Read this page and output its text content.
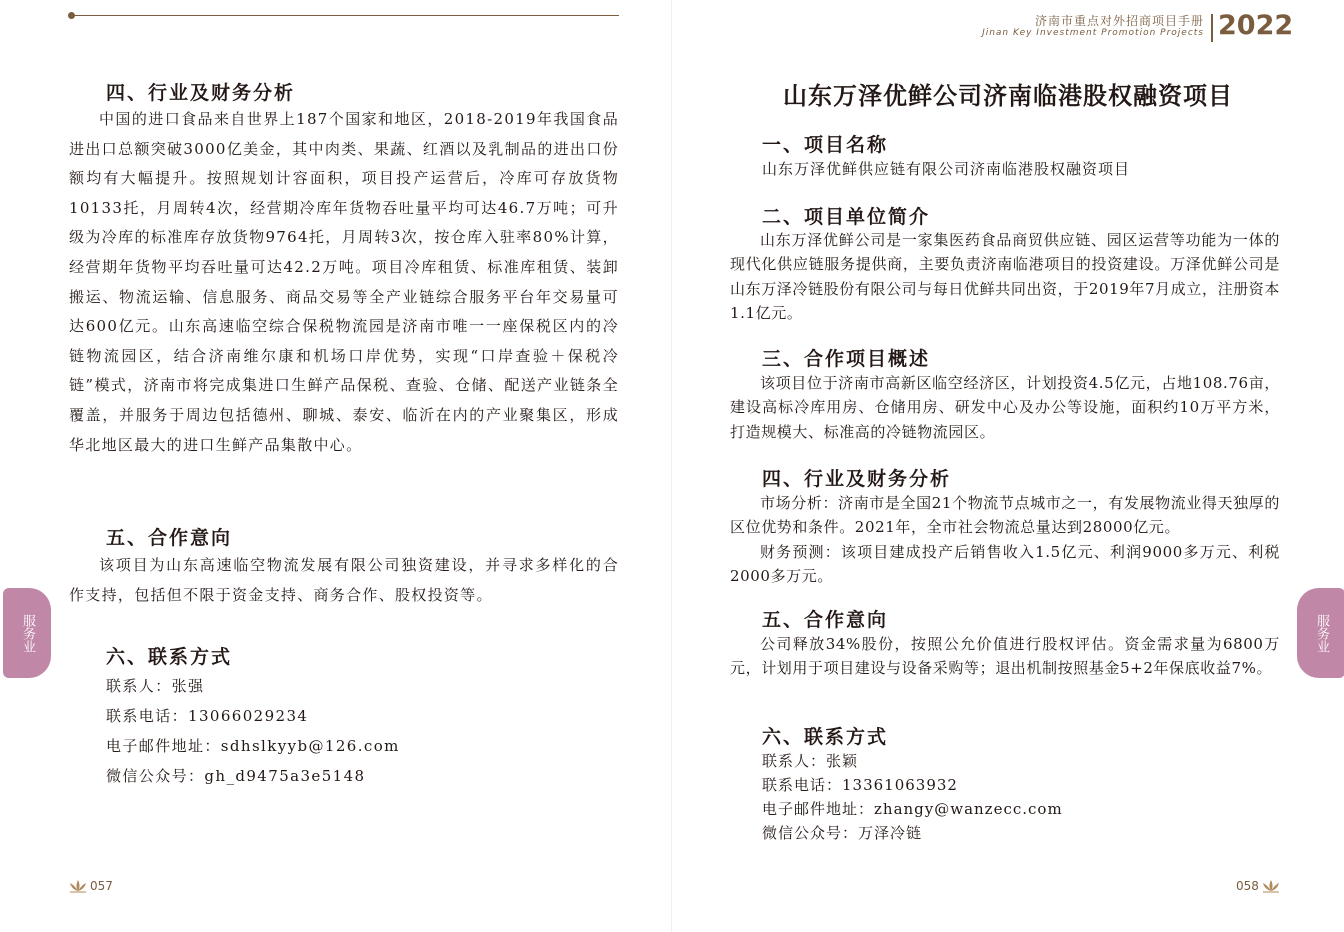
四、行业及财务分析

中国的进口食品来自世界上187个国家和地区，2018-2019年我国食品进出口总额突破3000亿美金，其中肉类、果蔬、红酒以及乳制品的进出口份额均有大幅提升。按照规划计容面积，项目投产运营后，冷库可存放货物10133托，月周转4次，经营期冷库年货物吞吐量平均可达46.7万吨；可升级为冷库的标准库存放货物9764托，月周转3次，按仓库入驻率80%计算，经营期年货物平均吞吐量可达42.2万吨。项目冷库租赁、标准库租赁、装卸搬运、物流运输、信息服务、商品交易等全产业链综合服务平台年交易量可达600亿元。山东高速临空综合保税物流园是济南市唯一一座保税区内的冷链物流园区，结合济南维尔康和机场口岸优势，实现“口岸查验＋保税冷链”模式，济南市将完成集进口生鲜产品保税、查验、仓储、配送产业链条全覆盖，并服务于周边包括德州、聊城、泰安、临沂在内的产业聚集区，形成华北地区最大的进口生鲜产品集散中心。

五、合作意向

该项目为山东高速临空物流发展有限公司独资建设，并寻求多样化的合作支持，包括但不限于资金支持、商务合作、股权投资等。

六、联系方式
联系人：张强
联系电话：13066029234
电子邮件地址：sdhslkyyb@126.com
微信公众号：gh_d9475a3e5148
服务业
057
济南市重点对外招商项目手册
Jinan Key Investment Promotion Projects 2022
山东万泽优鲜公司济南临港股权融资项目
一、项目名称
山东万泽优鲜供应链有限公司济南临港股权融资项目
二、项目单位简介

山东万泽优鲜公司是一家集医药食品商贸供应链、园区运营等功能为一体的现代化供应链服务提供商，主要负责济南临港项目的投资建设。万泽优鲜公司是山东万泽冷链股份有限公司与每日优鲜共同出资，于2019年7月成立，注册资本1.1亿元。

三、合作项目概述

该项目位于济南市高新区临空经济区，计划投资4.5亿元，占地108.76亩，建设高标冷库用房、仓储用房、研发中心及办公等设施，面积约10万平方米，打造规模大、标准高的冷链物流园区。

四、行业及财务分析

市场分析：济南市是全国21个物流节点城市之一，有发展物流业得天独厚的区位优势和条件。2021年，全市社会物流总量达到28000亿元。

财务预测：该项目建成投产后销售收入1.5亿元、利润9000多万元、利税2000多万元。

五、合作意向

公司释放34%股份，按照公允价值进行股权评估。资金需求量为6800万元，计划用于项目建设与设备采购等；退出机制按照基金5+2年保底收益7%。

六、联系方式
联系人：张颖
联系电话：13361063932
电子邮件地址：zhangy@wanzecc.com
微信公众号：万泽冷链
服务业
058
